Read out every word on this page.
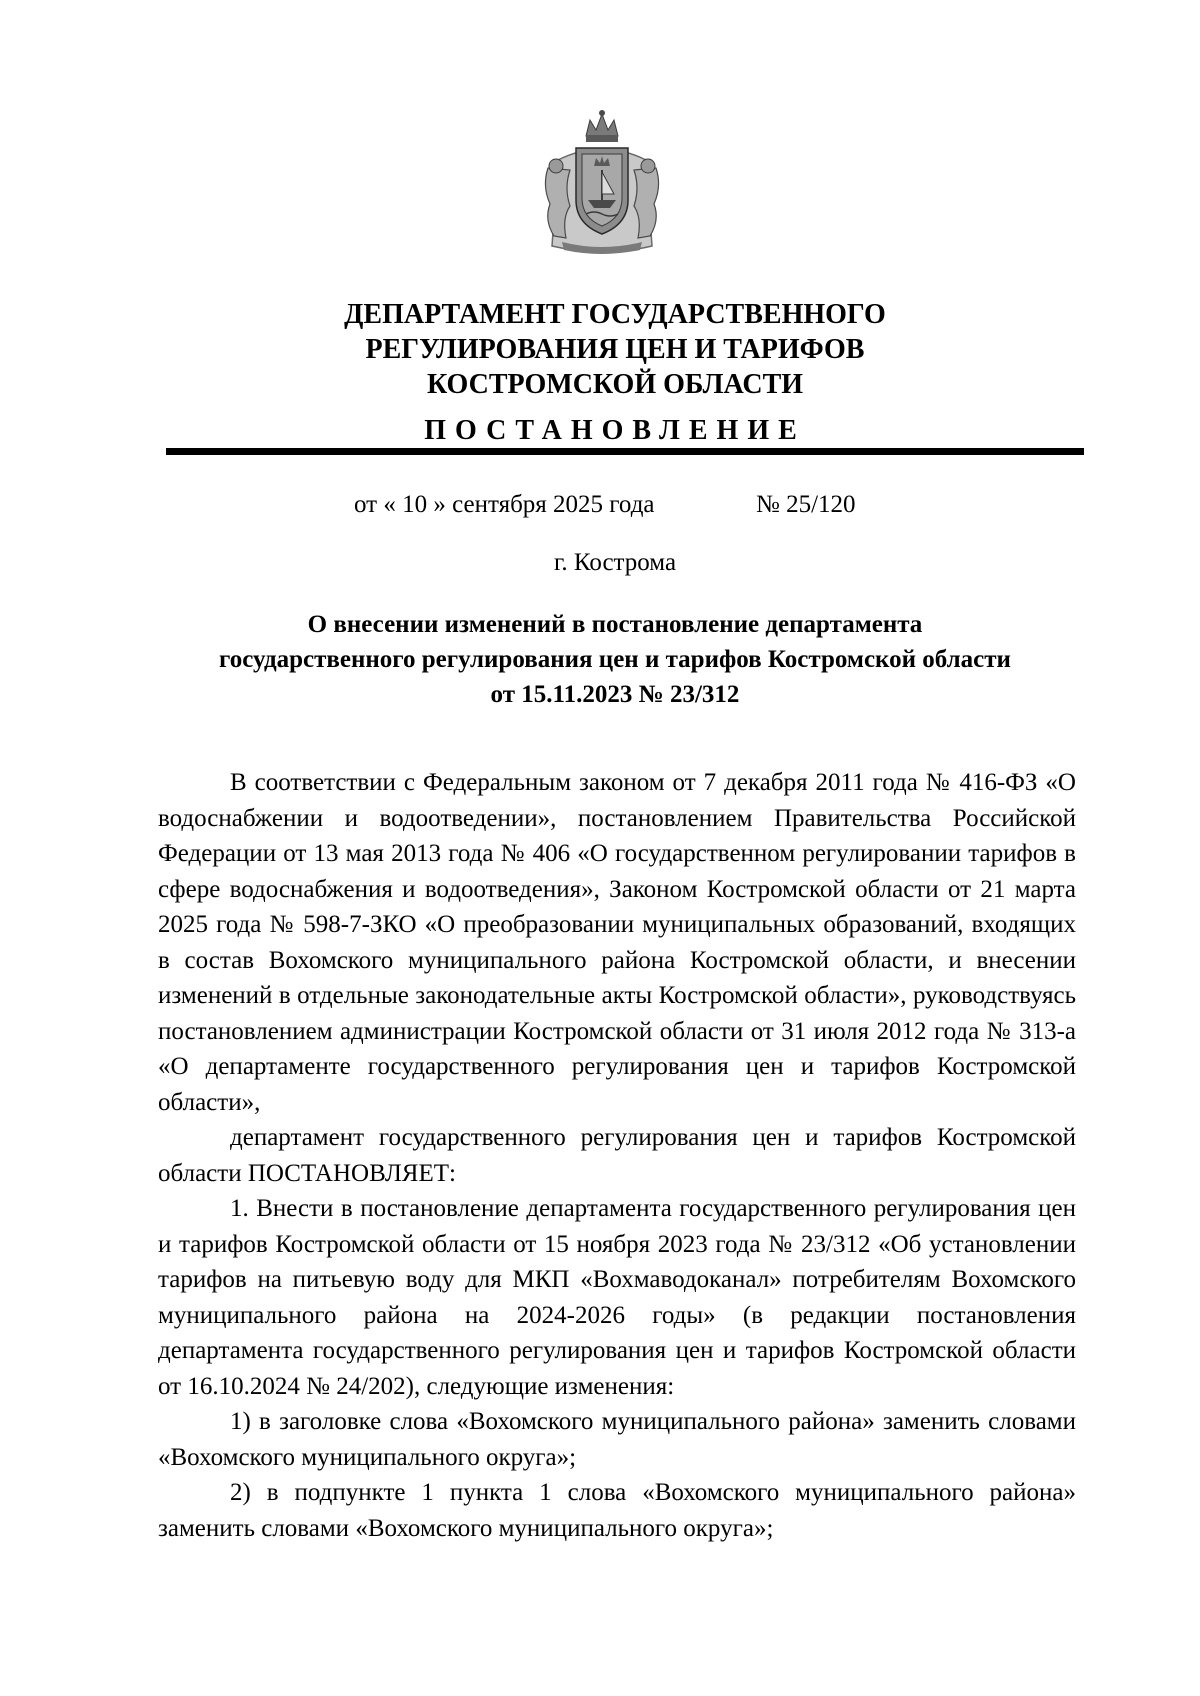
ДЕПАРТАМЕНТ ГОСУДАРСТВЕННОГО
РЕГУЛИРОВАНИЯ ЦЕН И ТАРИФОВ
КОСТРОМСКОЙ ОБЛАСТИ
ПОСТАНОВЛЕНИЕ
от « 10 » сентября 2025 года	№ 25/120
г. Кострома
О внесении изменений в постановление департамента
государственного регулирования цен и тарифов Костромской области
от 15.11.2023 № 23/312

В соответствии с Федеральным законом от 7 декабря 2011 года № 416-ФЗ «О водоснабжении и водоотведении», постановлением Правительства Российской Федерации от 13 мая 2013 года № 406 «О государственном регулировании тарифов в сфере водоснабжения и водоотведения», Законом Костромской области от 21 марта 2025 года № 598-7-ЗКО «О преобразовании муниципальных образований, входящих в состав Вохомского муниципального района Костромской области, и внесении изменений в отдельные законодательные акты Костромской области», руководствуясь постановлением администрации Костромской области от 31 июля 2012 года № 313-а «О департаменте государственного регулирования цен и тарифов Костромской области»,

департамент государственного регулирования цен и тарифов Костромской области ПОСТАНОВЛЯЕТ:

1. Внести в постановление департамента государственного регулирования цен и тарифов Костромской области от 15 ноября 2023 года № 23/312 «Об установлении тарифов на питьевую воду для МКП «Вохмаводоканал» потребителям Вохомского муниципального района на 2024-2026 годы» (в редакции постановления департамента государственного регулирования цен и тарифов Костромской области от 16.10.2024 № 24/202), следующие изменения:

1) в заголовке слова «Вохомского муниципального района» заменить словами «Вохомского муниципального округа»;

2) в подпункте 1 пункта 1 слова «Вохомского муниципального района» заменить словами «Вохомского муниципального округа»;
